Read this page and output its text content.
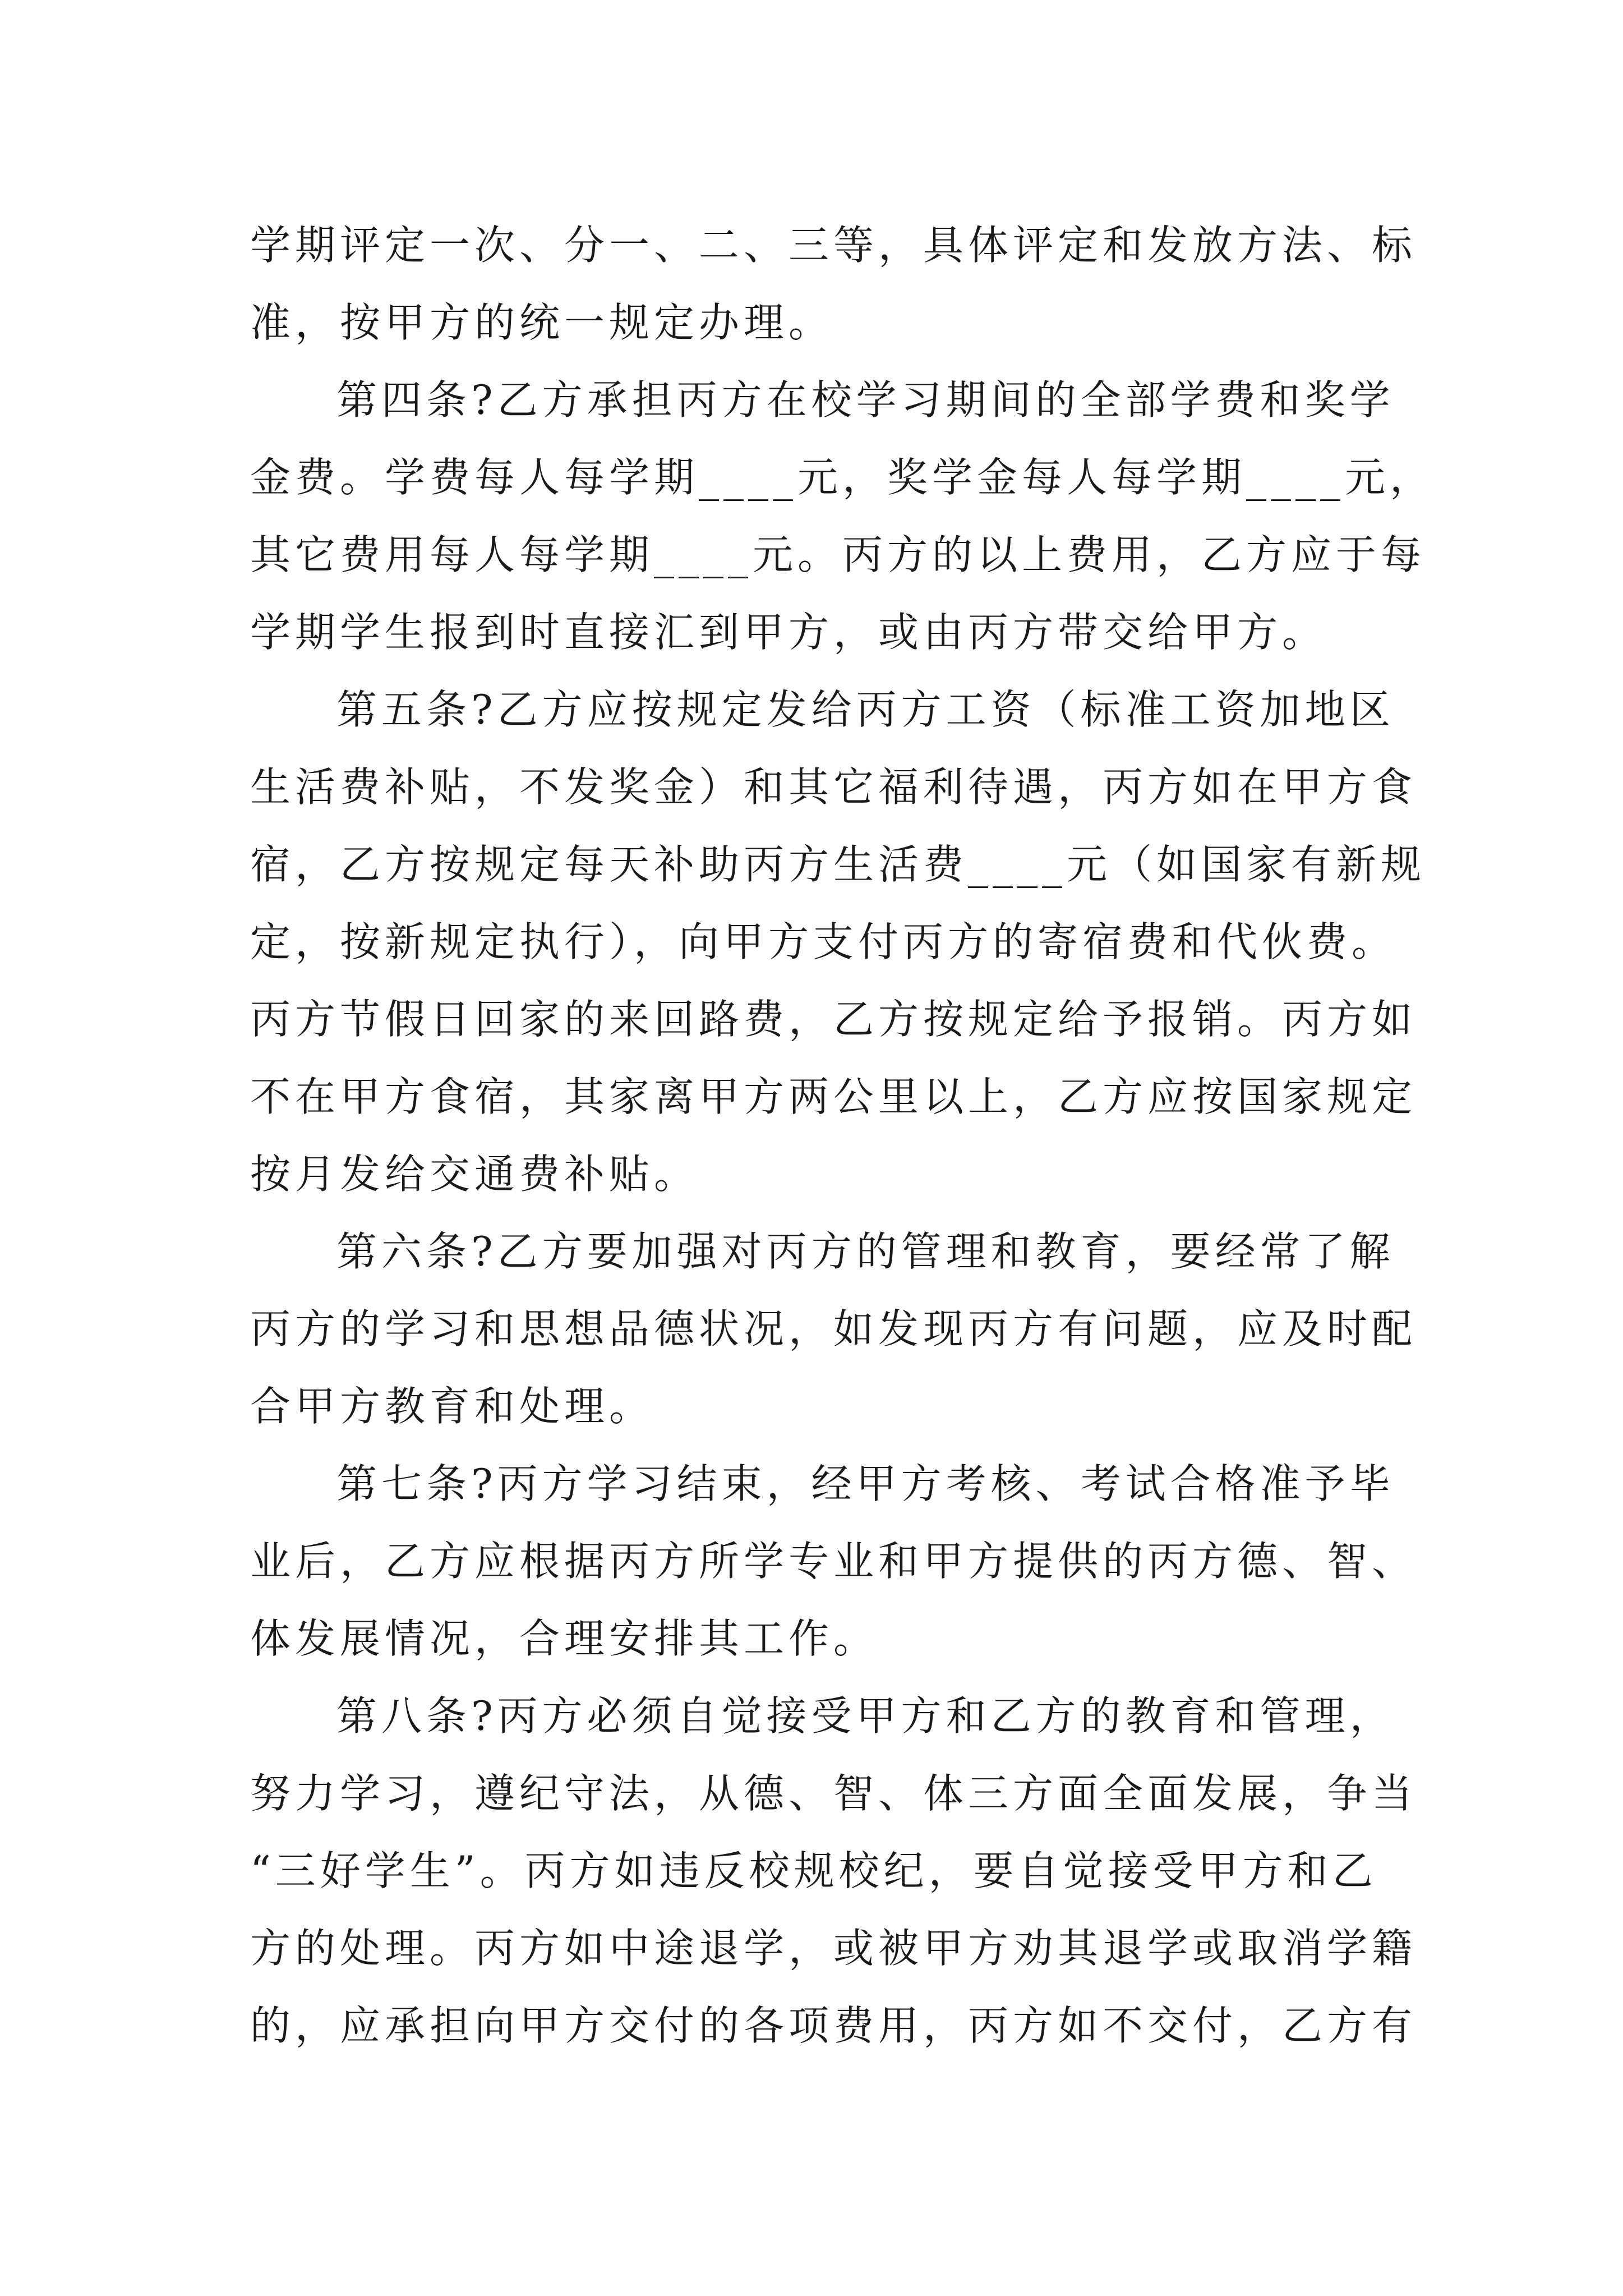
学期评定一次、分一、二、三等，具体评定和发放方法、标
准，按甲方的统一规定办理。
第四条?乙方承担丙方在校学习期间的全部学费和奖学
金费。学费每人每学期____元，奖学金每人每学期____元，
其它费用每人每学期____元。丙方的以上费用，乙方应于每
学期学生报到时直接汇到甲方，或由丙方带交给甲方。
第五条?乙方应按规定发给丙方工资（标准工资加地区
生活费补贴，不发奖金）和其它福利待遇，丙方如在甲方食
宿，乙方按规定每天补助丙方生活费____元（如国家有新规
定，按新规定执行），向甲方支付丙方的寄宿费和代伙费。
丙方节假日回家的来回路费，乙方按规定给予报销。丙方如
不在甲方食宿，其家离甲方两公里以上，乙方应按国家规定
按月发给交通费补贴。
第六条?乙方要加强对丙方的管理和教育，要经常了解
丙方的学习和思想品德状况，如发现丙方有问题，应及时配
合甲方教育和处理。
第七条?丙方学习结束，经甲方考核、考试合格准予毕
业后，乙方应根据丙方所学专业和甲方提供的丙方德、智、
体发展情况，合理安排其工作。
第八条?丙方必须自觉接受甲方和乙方的教育和管理，
努力学习，遵纪守法，从德、智、体三方面全面发展，争当
“三好学生”。丙方如违反校规校纪，要自觉接受甲方和乙
方的处理。丙方如中途退学，或被甲方劝其退学或取消学籍
的，应承担向甲方交付的各项费用，丙方如不交付，乙方有
